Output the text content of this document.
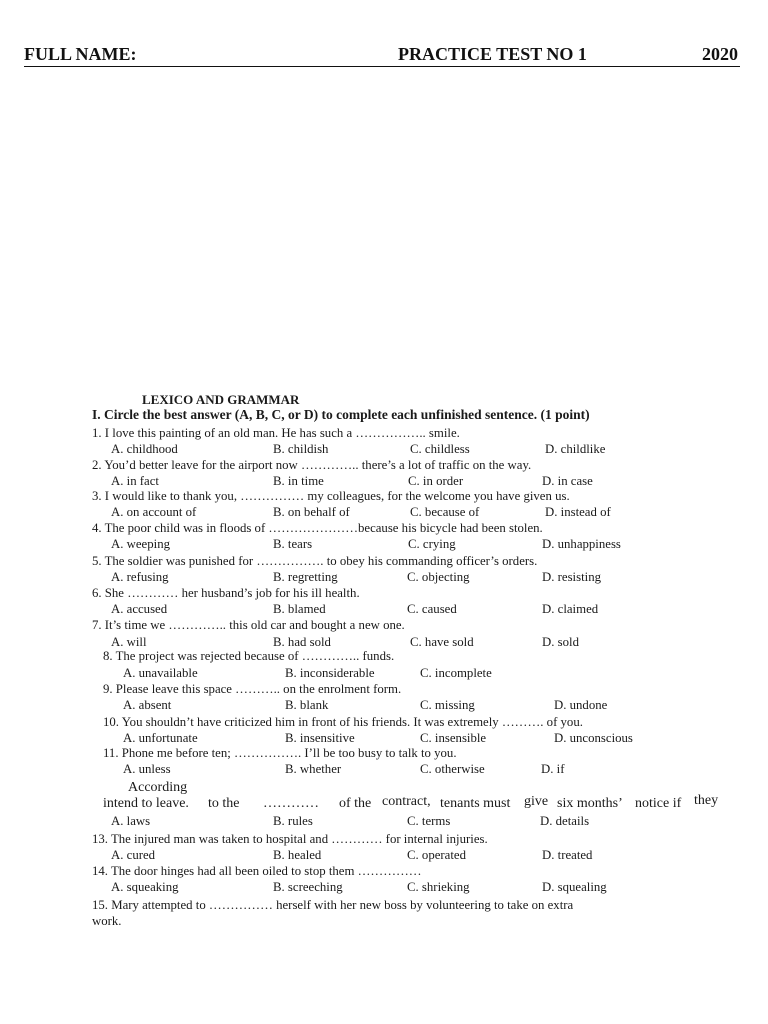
FULL NAME:	PRACTICE TEST NO 1	2020
LEXICO AND GRAMMAR
I. Circle the best answer (A, B, C, or D) to complete each unfinished sentence. (1 point)
1. I love this painting of an old man. He has such a …………….. smile.
A. childhood	B. childish	C. childless	D. childlike
2. You’d better leave for the airport now ………….. there’s a lot of traffic on the way.
A. in fact	B. in time	C. in order	D. in case
3. I would like to thank you, …………… my colleagues, for the welcome you have given us.
A. on account of	B. on behalf of	C. because of	D. instead of
4. The poor child was in floods of …………………because his bicycle had been stolen.
A. weeping	B. tears	C. crying	D. unhappiness
5. The soldier was punished for ……………. to obey his commanding officer’s orders.
A. refusing	B. regretting	C. objecting	D. resisting
6. She ………… her husband’s job for his ill health.
A. accused	B. blamed	C. caused	D. claimed
7. It’s time we ………….. this old car and bought a new one.
A. will	B. had sold	C. have sold	D. sold
8. The project was rejected because of ………….. funds.
A. unavailable	B. inconsiderable	C. incomplete
9. Please leave this space ……….. on the enrolment form.
A. absent	B. blank	C. missing	D. undone
10. You shouldn’t have criticized him in front of his friends. It was extremely ………. of you.
A. unfortunate	B. insensitive	C. insensible	D. unconscious
11. Phone me before ten; ……………. I’ll be too busy to talk to you.
A. unless	B. whether	C. otherwise	D. if
According
intend to leave. to the ………… of the contract, tenants must give six months’ notice if they
A. laws	B. rules	C. terms	D. details
13. The injured man was taken to hospital and ………… for internal injuries.
A. cured	B. healed	C. operated	D. treated
14. The door hinges had all been oiled to stop them ……………
A. squeaking	B. screeching	C. shrieking	D. squealing
15. Mary attempted to …………… herself with her new boss by volunteering to take on extra
work.
